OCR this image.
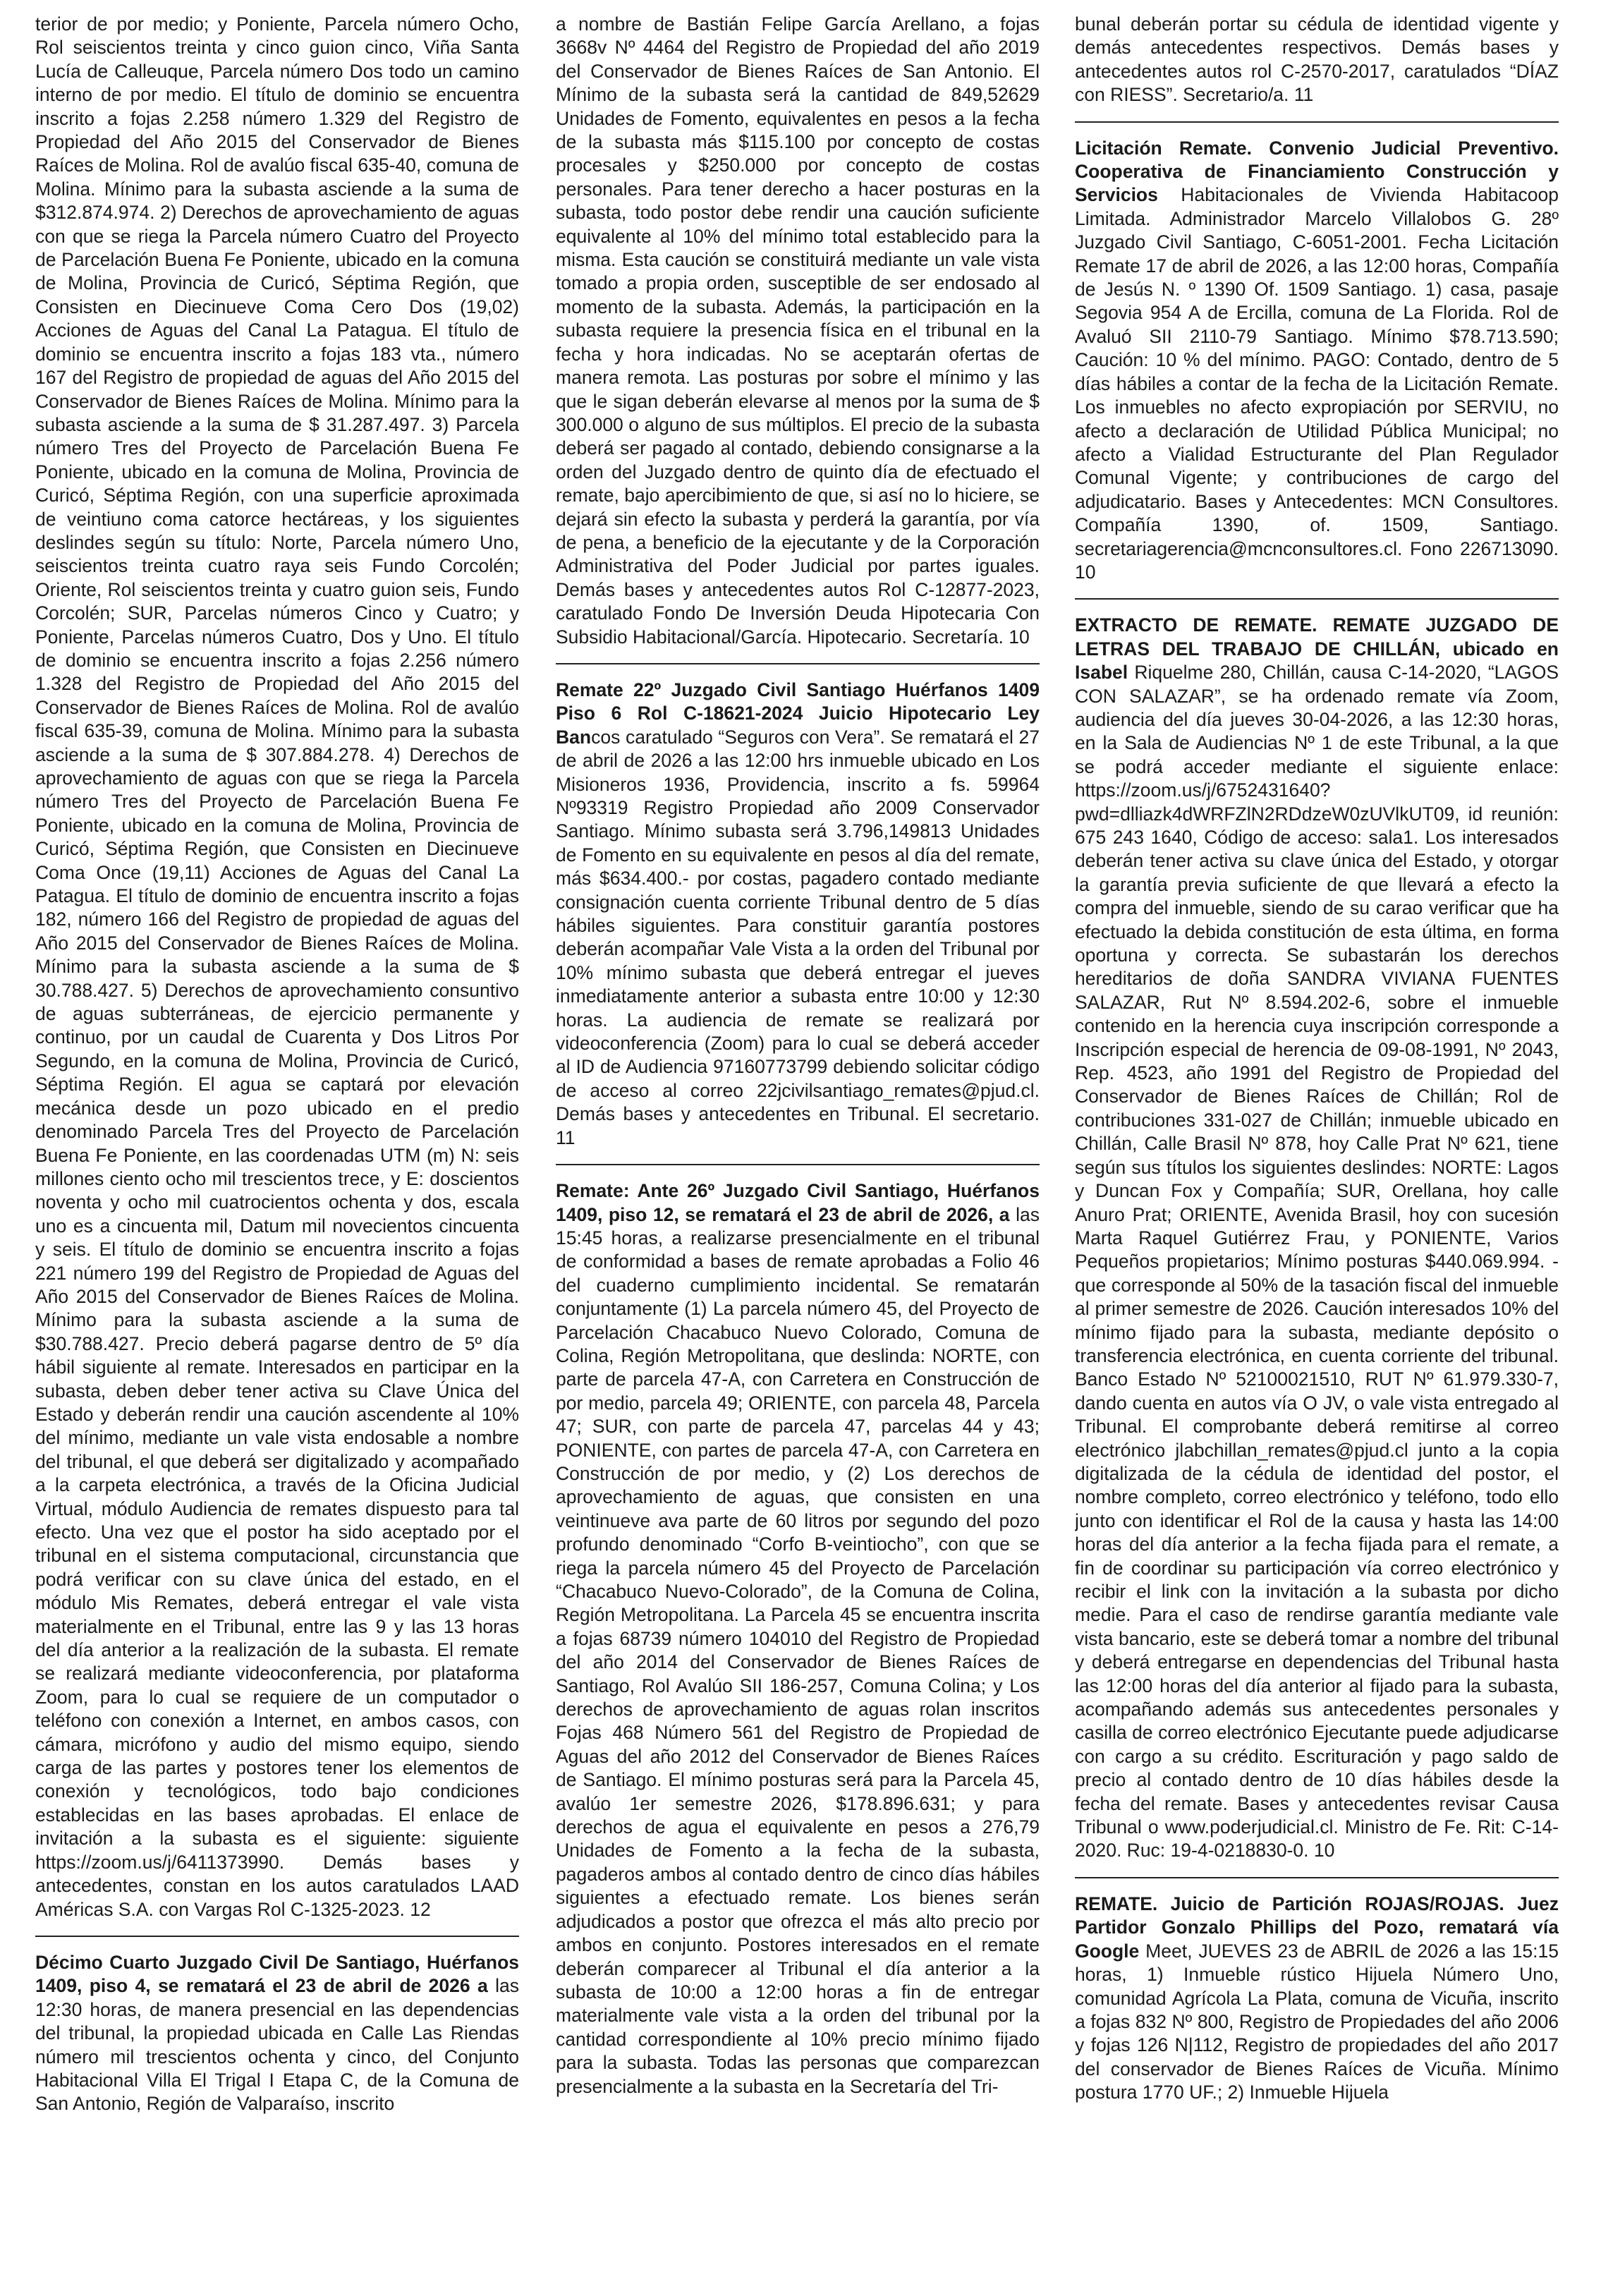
terior de por medio; y Poniente, Parcela número Ocho, Rol seiscientos treinta y cinco guion cinco, Viña Santa Lucía de Calleuque, Parcela número Dos todo un camino interno de por medio. El título de dominio se encuentra inscrito a fojas 2.258 número 1.329 del Registro de Propiedad del Año 2015 del Conservador de Bienes Raíces de Molina. Rol de avalúo fiscal 635-40, comuna de Molina. Mínimo para la subasta asciende a la suma de $312.874.974. 2) Derechos de aprovechamiento de aguas con que se riega la Parcela número Cuatro del Proyecto de Parcelación Buena Fe Poniente, ubicado en la comuna de Molina, Provincia de Curicó, Séptima Región, que Consisten en Diecinueve Coma Cero Dos (19,02) Acciones de Aguas del Canal La Patagua. El título de dominio se encuentra inscrito a fojas 183 vta., número 167 del Registro de propiedad de aguas del Año 2015 del Conservador de Bienes Raíces de Molina. Mínimo para la subasta asciende a la suma de $ 31.287.497. 3) Parcela número Tres del Proyecto de Parcelación Buena Fe Poniente, ubicado en la comuna de Molina, Provincia de Curicó, Séptima Región, con una superficie aproximada de veintiuno coma catorce hectáreas, y los siguientes deslindes según su título: Norte, Parcela número Uno, seiscientos treinta cuatro raya seis Fundo Corcolén; Oriente, Rol seiscientos treinta y cuatro guion seis, Fundo Corcolén; SUR, Parcelas números Cinco y Cuatro; y Poniente, Parcelas números Cuatro, Dos y Uno. El título de dominio se encuentra inscrito a fojas 2.256 número 1.328 del Registro de Propiedad del Año 2015 del Conservador de Bienes Raíces de Molina. Rol de avalúo fiscal 635-39, comuna de Molina. Mínimo para la subasta asciende a la suma de $ 307.884.278. 4) Derechos de aprovechamiento de aguas con que se riega la Parcela número Tres del Proyecto de Parcelación Buena Fe Poniente, ubicado en la comuna de Molina, Provincia de Curicó, Séptima Región, que Consisten en Diecinueve Coma Once (19,11) Acciones de Aguas del Canal La Patagua. El título de dominio de encuentra inscrito a fojas 182, número 166 del Registro de propiedad de aguas del Año 2015 del Conservador de Bienes Raíces de Molina. Mínimo para la subasta asciende a la suma de $ 30.788.427. 5) Derechos de aprovechamiento consuntivo de aguas subterráneas, de ejercicio permanente y continuo, por un caudal de Cuarenta y Dos Litros Por Segundo, en la comuna de Molina, Provincia de Curicó, Séptima Región. El agua se captará por elevación mecánica desde un pozo ubicado en el predio denominado Parcela Tres del Proyecto de Parcelación Buena Fe Poniente, en las coordenadas UTM (m) N: seis millones ciento ocho mil trescientos trece, y E: doscientos noventa y ocho mil cuatrocientos ochenta y dos, escala uno es a cincuenta mil, Datum mil novecientos cincuenta y seis. El título de dominio se encuentra inscrito a fojas 221 número 199 del Registro de Propiedad de Aguas del Año 2015 del Conservador de Bienes Raíces de Molina. Mínimo para la subasta asciende a la suma de $30.788.427. Precio deberá pagarse dentro de 5º día hábil siguiente al remate. Interesados en participar en la subasta, deben deber tener activa su Clave Única del Estado y deberán rendir una caución ascendente al 10% del mínimo, mediante un vale vista endosable a nombre del tribunal, el que deberá ser digitalizado y acompañado a la carpeta electrónica, a través de la Oficina Judicial Virtual, módulo Audiencia de remates dispuesto para tal efecto. Una vez que el postor ha sido aceptado por el tribunal en el sistema computacional, circunstancia que podrá verificar con su clave única del estado, en el módulo Mis Remates, deberá entregar el vale vista materialmente en el Tribunal, entre las 9 y las 13 horas del día anterior a la realización de la subasta. El remate se realizará mediante videoconferencia, por plataforma Zoom, para lo cual se requiere de un computador o teléfono con conexión a Internet, en ambos casos, con cámara, micrófono y audio del mismo equipo, siendo carga de las partes y postores tener los elementos de conexión y tecnológicos, todo bajo condiciones establecidas en las bases aprobadas. El enlace de invitación a la subasta es el siguiente: siguiente https://zoom.us/j/6411373990. Demás bases y antecedentes, constan en los autos caratulados LAAD Américas S.A. con Vargas Rol C-1325-2023. 12

Décimo Cuarto Juzgado Civil De Santiago, Huérfanos 1409, piso 4, se rematará el 23 de abril de 2026 a las 12:30 horas, de manera presencial en las dependencias del tribunal, la propiedad ubicada en Calle Las Riendas número mil trescientos ochenta y cinco, del Conjunto Habitacional Villa El Trigal I Etapa C, de la Comuna de San Antonio, Región de Valparaíso, inscrito

a nombre de Bastián Felipe García Arellano, a fojas 3668v Nº 4464 del Registro de Propiedad del año 2019 del Conservador de Bienes Raíces de San Antonio. El Mínimo de la subasta será la cantidad de 849,52629 Unidades de Fomento, equivalentes en pesos a la fecha de la subasta más $115.100 por concepto de costas procesales y $250.000 por concepto de costas personales. Para tener derecho a hacer posturas en la subasta, todo postor debe rendir una caución suficiente equivalente al 10% del mínimo total establecido para la misma. Esta caución se constituirá mediante un vale vista tomado a propia orden, susceptible de ser endosado al momento de la subasta. Además, la participación en la subasta requiere la presencia física en el tribunal en la fecha y hora indicadas. No se aceptarán ofertas de manera remota. Las posturas por sobre el mínimo y las que le sigan deberán elevarse al menos por la suma de $ 300.000 o alguno de sus múltiplos. El precio de la subasta deberá ser pagado al contado, debiendo consignarse a la orden del Juzgado dentro de quinto día de efectuado el remate, bajo apercibimiento de que, si así no lo hiciere, se dejará sin efecto la subasta y perderá la garantía, por vía de pena, a beneficio de la ejecutante y de la Corporación Administrativa del Poder Judicial por partes iguales. Demás bases y antecedentes autos Rol C-12877-2023, caratulado Fondo De Inversión Deuda Hipotecaria Con Subsidio Habitacional/García. Hipotecario. Secretaría. 10

Remate 22º Juzgado Civil Santiago Huérfanos 1409 Piso 6 Rol C-18621-2024 Juicio Hipotecario Ley Bancos caratulado “Seguros con Vera”. Se rematará el 27 de abril de 2026 a las 12:00 hrs inmueble ubicado en Los Misioneros 1936, Providencia, inscrito a fs. 59964 Nº93319 Registro Propiedad año 2009 Conservador Santiago. Mínimo subasta será 3.796,149813 Unidades de Fomento en su equivalente en pesos al día del remate, más $634.400.- por costas, pagadero contado mediante consignación cuenta corriente Tribunal dentro de 5 días hábiles siguientes. Para constituir garantía postores deberán acompañar Vale Vista a la orden del Tribunal por 10% mínimo subasta que deberá entregar el jueves inmediatamente anterior a subasta entre 10:00 y 12:30 horas. La audiencia de remate se realizará por videoconferencia (Zoom) para lo cual se deberá acceder al ID de Audiencia 97160773799 debiendo solicitar código de acceso al correo 22jcivilsantiago_remates@pjud.cl. Demás bases y antecedentes en Tribunal. El secretario. 11

Remate: Ante 26º Juzgado Civil Santiago, Huérfanos 1409, piso 12, se rematará el 23 de abril de 2026, a las 15:45 horas, a realizarse presencialmente en el tribunal de conformidad a bases de remate aprobadas a Folio 46 del cuaderno cumplimiento incidental. Se rematarán conjuntamente (1) La parcela número 45, del Proyecto de Parcelación Chacabuco Nuevo Colorado, Comuna de Colina, Región Metropolitana, que deslinda: NORTE, con parte de parcela 47-A, con Carretera en Construcción de por medio, parcela 49; ORIENTE, con parcela 48, Parcela 47; SUR, con parte de parcela 47, parcelas 44 y 43; PONIENTE, con partes de parcela 47-A, con Carretera en Construcción de por medio, y (2) Los derechos de aprovechamiento de aguas, que consisten en una veintinueve ava parte de 60 litros por segundo del pozo profundo denominado “Corfo B-veintiocho”, con que se riega la parcela número 45 del Proyecto de Parcelación “Chacabuco Nuevo-Colorado”, de la Comuna de Colina, Región Metropolitana. La Parcela 45 se encuentra inscrita a fojas 68739 número 104010 del Registro de Propiedad del año 2014 del Conservador de Bienes Raíces de Santiago, Rol Avalúo SII 186-257, Comuna Colina; y Los derechos de aprovechamiento de aguas rolan inscritos Fojas 468 Número 561 del Registro de Propiedad de Aguas del año 2012 del Conservador de Bienes Raíces de Santiago. El mínimo posturas será para la Parcela 45, avalúo 1er semestre 2026, $178.896.631; y para derechos de agua el equivalente en pesos a 276,79 Unidades de Fomento a la fecha de la subasta, pagaderos ambos al contado dentro de cinco días hábiles siguientes a efectuado remate. Los bienes serán adjudicados a postor que ofrezca el más alto precio por ambos en conjunto. Postores interesados en el remate deberán comparecer al Tribunal el día anterior a la subasta de 10:00 a 12:00 horas a fin de entregar materialmente vale vista a la orden del tribunal por la cantidad correspondiente al 10% precio mínimo fijado para la subasta. Todas las personas que comparezcan presencialmente a la subasta en la Secretaría del Tri-

bunal deberán portar su cédula de identidad vigente y demás antecedentes respectivos. Demás bases y antecedentes autos rol C-2570-2017, caratulados “DÍAZ con RIESS”. Secretario/a. 11

Licitación Remate. Convenio Judicial Preventivo. Cooperativa de Financiamiento Construcción y Servicios Habitacionales de Vivienda Habitacoop Limitada. Administrador Marcelo Villalobos G. 28º Juzgado Civil Santiago, C-6051-2001. Fecha Licitación Remate 17 de abril de 2026, a las 12:00 horas, Compañía de Jesús N. º 1390 Of. 1509 Santiago. 1) casa, pasaje Segovia 954 A de Ercilla, comuna de La Florida. Rol de Avaluó SII 2110-79 Santiago. Mínimo $78.713.590; Caución: 10 % del mínimo. PAGO: Contado, dentro de 5 días hábiles a contar de la fecha de la Licitación Remate. Los inmuebles no afecto expropiación por SERVIU, no afecto a declaración de Utilidad Pública Municipal; no afecto a Vialidad Estructurante del Plan Regulador Comunal Vigente; y contribuciones de cargo del adjudicatario. Bases y Antecedentes: MCN Consultores. Compañía 1390, of. 1509, Santiago. secretariagerencia@mcnconsultores.cl. Fono 226713090. 10

EXTRACTO DE REMATE. REMATE JUZGADO DE LETRAS DEL TRABAJO DE CHILLÁN, ubicado en Isabel Riquelme 280, Chillán, causa C-14-2020, “LAGOS CON SALAZAR”, se ha ordenado remate vía Zoom, audiencia del día jueves 30-04-2026, a las 12:30 horas, en la Sala de Audiencias Nº 1 de este Tribunal, a la que se podrá acceder mediante el siguiente enlace: https://zoom.us/j/6752431640?pwd=dlliazk4dWRFZlN2RDdzeW0zUVlkUT09, id reunión: 675 243 1640, Código de acceso: sala1. Los interesados deberán tener activa su clave única del Estado, y otorgar la garantía previa suficiente de que llevará a efecto la compra del inmueble, siendo de su carao verificar que ha efectuado la debida constitución de esta última, en forma oportuna y correcta. Se subastarán los derechos hereditarios de doña SANDRA VIVIANA FUENTES SALAZAR, Rut Nº 8.594.202-6, sobre el inmueble contenido en la herencia cuya inscripción corresponde a Inscripción especial de herencia de 09-08-1991, Nº 2043, Rep. 4523, año 1991 del Registro de Propiedad del Conservador de Bienes Raíces de Chillán; Rol de contribuciones 331-027 de Chillán; inmueble ubicado en Chillán, Calle Brasil Nº 878, hoy Calle Prat Nº 621, tiene según sus títulos los siguientes deslindes: NORTE: Lagos y Duncan Fox y Compañía; SUR, Orellana, hoy calle Anuro Prat; ORIENTE, Avenida Brasil, hoy con sucesión Marta Raquel Gutiérrez Frau, y PONIENTE, Varios Pequeños propietarios; Mínimo posturas $440.069.994. - que corresponde al 50% de la tasación fiscal del inmueble al primer semestre de 2026. Caución interesados 10% del mínimo fijado para la subasta, mediante depósito o transferencia electrónica, en cuenta corriente del tribunal. Banco Estado Nº 52100021510, RUT Nº 61.979.330-7, dando cuenta en autos vía O JV, o vale vista entregado al Tribunal. El comprobante deberá remitirse al correo electrónico jlabchillan_remates@pjud.cl junto a la copia digitalizada de la cédula de identidad del postor, el nombre completo, correo electrónico y teléfono, todo ello junto con identificar el Rol de la causa y hasta las 14:00 horas del día anterior a la fecha fijada para el remate, a fin de coordinar su participación vía correo electrónico y recibir el link con la invitación a la subasta por dicho medie. Para el caso de rendirse garantía mediante vale vista bancario, este se deberá tomar a nombre del tribunal y deberá entregarse en dependencias del Tribunal hasta las 12:00 horas del día anterior al fijado para la subasta, acompañando además sus antecedentes personales y casilla de correo electrónico Ejecutante puede adjudicarse con cargo a su crédito. Escrituración y pago saldo de precio al contado dentro de 10 días hábiles desde la fecha del remate. Bases y antecedentes revisar Causa Tribunal o www.poderjudicial.cl. Ministro de Fe. Rit: C-14-2020. Ruc: 19-4-0218830-0. 10

REMATE. Juicio de Partición ROJAS/ROJAS. Juez Partidor Gonzalo Phillips del Pozo, rematará vía Google Meet, JUEVES 23 de ABRIL de 2026 a las 15:15 horas, 1) Inmueble rústico Hijuela Número Uno, comunidad Agrícola La Plata, comuna de Vicuña, inscrito a fojas 832 Nº 800, Registro de Propiedades del año 2006 y fojas 126 N|112, Registro de propiedades del año 2017 del conservador de Bienes Raíces de Vicuña. Mínimo postura 1770 UF.; 2) Inmueble Hijuela
